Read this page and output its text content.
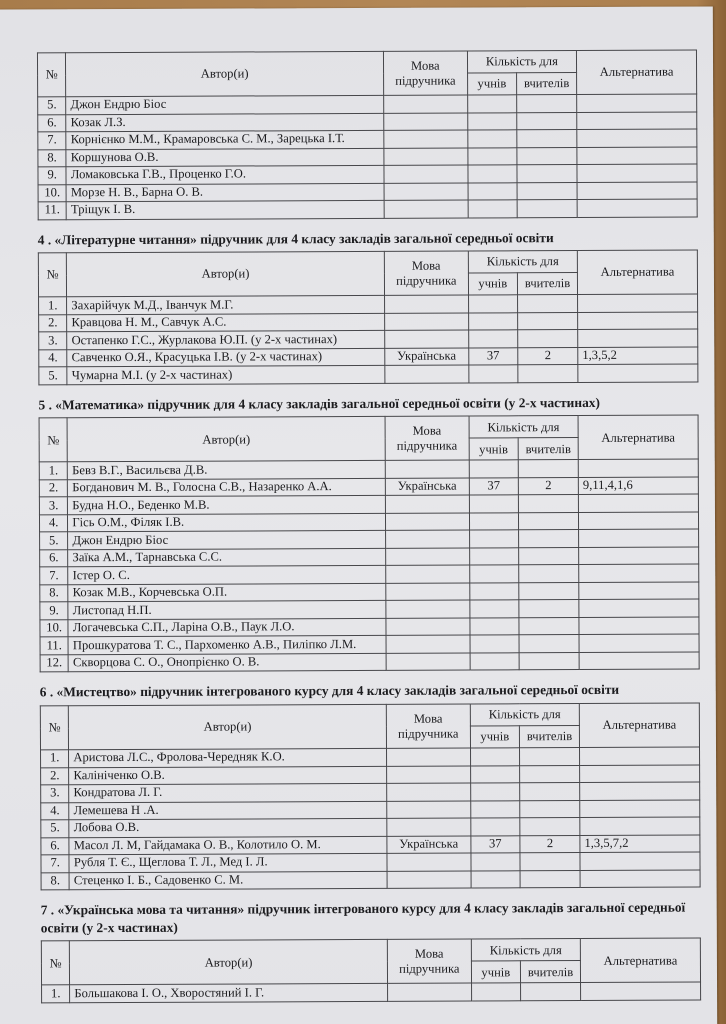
№	Автор(и)	Мова підручника	Кількість для		Альтернатива
			учнів	вчителів	
5.	Джон Ендрю Біос				
6.	Козак Л.З.				
7.	Корнієнко М.М., Крамаровська С. М., Зарецька І.Т.				
8.	Коршунова О.В.				
9.	Ломаковська Г.В., Проценко Г.О.				
10.	Морзе Н. В., Барна О. В.				
11.	Тріщук І. В.				

4 . «Літературне читання» підручник для 4 класу закладів загальної середньої освіти

№	Автор(и)	Мова підручника	Кількість для		Альтернатива
			учнів	вчителів	
1.	Захарійчук М.Д., Іванчук М.Г.				
2.	Кравцова Н. М., Савчук А.С.				
3.	Остапенко Г.С., Журлакова Ю.П. (у 2-х частинах)				
4.	Савченко О.Я., Красуцька І.В. (у 2-х частинах)	Українська	37	2	1,3,5,2
5.	Чумарна М.І. (у 2-х частинах)				

5 . «Математика» підручник для 4 класу закладів загальної середньої освіти (у 2-х частинах)

№	Автор(и)	Мова підручника	Кількість для		Альтернатива
			учнів	вчителів	
1.	Бевз В.Г., Васильєва Д.В.				
2.	Богданович М. В., Голосна С.В., Назаренко А.А.	Українська	37	2	9,11,4,1,6
3.	Будна Н.О., Беденко М.В.				
4.	Гісь О.М., Філяк І.В.				
5.	Джон Ендрю Біос				
6.	Заїка А.М., Тарнавська С.С.				
7.	Істер О. С.				
8.	Козак М.В., Корчевська О.П.				
9.	Листопад Н.П.				
10.	Логачевська С.П., Ларіна О.В., Паук Л.О.				
11.	Прошкуратова Т. С., Пархоменко А.В., Пиліпко Л.М.				
12.	Скворцова С. О., Онопрієнко О. В.				

6 . «Мистецтво» підручник інтегрованого курсу для 4 класу закладів загальної середньої освіти

№	Автор(и)	Мова підручника	Кількість для		Альтернатива
			учнів	вчителів	
1.	Аристова Л.С., Фролова-Чередняк К.О.				
2.	Калініченко О.В.				
3.	Кондратова Л. Г.				
4.	Лемешева Н .А.				
5.	Лобова О.В.				
6.	Масол Л. М, Гайдамака О. В., Колотило О. М.	Українська	37	2	1,3,5,7,2
7.	Рубля Т. Є., Щеглова Т. Л., Мед І. Л.				
8.	Стеценко І. Б., Садовенко С. М.				

7 . «Українська мова та читання» підручник інтегрованого курсу для 4 класу закладів загальної середньої освіти (у 2-х частинах)

№	Автор(и)	Мова підручника	Кількість для		Альтернатива
			учнів	вчителів	
1.	Большакова І. О., Хворостяний І. Г.				
